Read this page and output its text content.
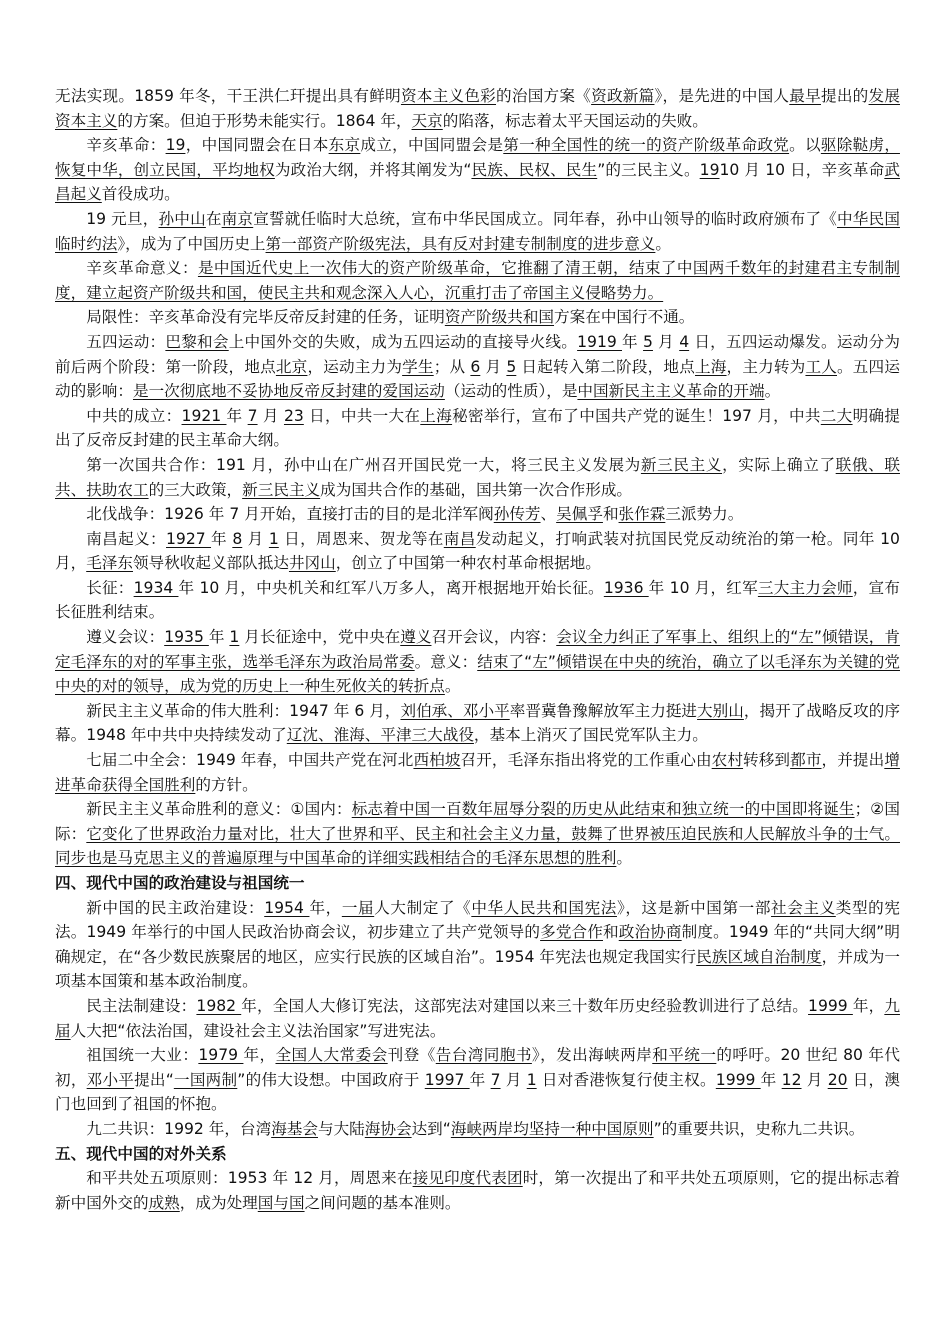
无法实现。1859 年冬，干王洪仁玕提出具有鲜明资本主义色彩的治国方案《资政新篇》，是先进的中国人最早提出的发展资本主义的方案。但迫于形势未能实行。1864 年，天京的陷落，标志着太平天国运动的失败。

辛亥革命：19，中国同盟会在日本东京成立，中国同盟会是第一种全国性的统一的资产阶级革命政党。以驱除鞑虏，恢复中华，创立民国，平均地权为政治大纲，并将其阐发为“民族、民权、民生”的三民主义。1910 月 10 日，辛亥革命武昌起义首役成功。

19 元旦，孙中山在南京宣誓就任临时大总统，宣布中华民国成立。同年春，孙中山领导的临时政府颁布了《中华民国临时约法》，成为了中国历史上第一部资产阶级宪法，具有反对封建专制制度的进步意义。

辛亥革命意义：是中国近代史上一次伟大的资产阶级革命，它推翻了清王朝，结束了中国两千数年的封建君主专制制度，建立起资产阶级共和国，使民主共和观念深入人心，沉重打击了帝国主义侵略势力。

局限性：辛亥革命没有完毕反帝反封建的任务，证明资产阶级共和国方案在中国行不通。

五四运动：巴黎和会上中国外交的失败，成为五四运动的直接导火线。1919 年 5 月 4 日，五四运动爆发。运动分为前后两个阶段：第一阶段，地点北京，运动主力为学生；从 6 月 5 日起转入第二阶段，地点上海，主力转为工人。五四运动的影响：是一次彻底地不妥协地反帝反封建的爱国运动（运动的性质），是中国新民主主义革命的开端。

中共的成立：1921 年 7 月 23 日，中共一大在上海秘密举行，宣布了中国共产党的诞生！197 月，中共二大明确提出了反帝反封建的民主革命大纲。

第一次国共合作：191 月，孙中山在广州召开国民党一大，将三民主义发展为新三民主义，实际上确立了联俄、联共、扶助农工的三大政策，新三民主义成为国共合作的基础，国共第一次合作形成。

北伐战争：1926 年 7 月开始，直接打击的目的是北洋军阀孙传芳、吴佩孚和张作霖三派势力。

南昌起义：1927 年 8 月 1 日，周恩来、贺龙等在南昌发动起义，打响武装对抗国民党反动统治的第一枪。同年 10 月，毛泽东领导秋收起义部队抵达井冈山，创立了中国第一种农村革命根据地。

长征：1934 年 10 月，中央机关和红军八万多人，离开根据地开始长征。1936 年 10 月，红军三大主力会师，宣布长征胜利结束。

遵义会议：1935 年 1 月长征途中，党中央在遵义召开会议，内容：会议全力纠正了军事上、组织上的“左”倾错误，肯定毛泽东的对的军事主张，选举毛泽东为政治局常委。意义：结束了“左”倾错误在中央的统治，确立了以毛泽东为关键的党中央的对的领导，成为党的历史上一种生死攸关的转折点。

新民主主义革命的伟大胜利：1947 年 6 月，刘伯承、邓小平率晋冀鲁豫解放军主力挺进大别山，揭开了战略反攻的序幕。1948 年中共中央持续发动了辽沈、淮海、平津三大战役，基本上消灭了国民党军队主力。

七届二中全会：1949 年春，中国共产党在河北西柏坡召开，毛泽东指出将党的工作重心由农村转移到都市，并提出增进革命获得全国胜利的方针。

新民主主义革命胜利的意义：①国内：标志着中国一百数年屈辱分裂的历史从此结束和独立统一的中国即将诞生；②国际：它变化了世界政治力量对比，壮大了世界和平、民主和社会主义力量，鼓舞了世界被压迫民族和人民解放斗争的士气。同步也是马克思主义的普遍原理与中国革命的详细实践相结合的毛泽东思想的胜利。

四、现代中国的政治建设与祖国统一

新中国的民主政治建设：1954 年，一届人大制定了《中华人民共和国宪法》，这是新中国第一部社会主义类型的宪法。1949 年举行的中国人民政治协商会议，初步建立了共产党领导的多党合作和政治协商制度。1949 年的“共同大纲”明确规定，在“各少数民族聚居的地区，应实行民族的区域自治”。1954 年宪法也规定我国实行民族区域自治制度，并成为一项基本国策和基本政治制度。

民主法制建设：1982 年，全国人大修订宪法，这部宪法对建国以来三十数年历史经验教训进行了总结。1999 年，九届人大把“依法治国，建设社会主义法治国家”写进宪法。

祖国统一大业：1979 年，全国人大常委会刊登《告台湾同胞书》，发出海峡两岸和平统一的呼吁。20 世纪 80 年代初，邓小平提出“一国两制”的伟大设想。中国政府于 1997 年 7 月 1 日对香港恢复行使主权。1999 年 12 月 20 日，澳门也回到了祖国的怀抱。

九二共识：1992 年，台湾海基会与大陆海协会达到“海峡两岸均坚持一种中国原则”的重要共识，史称九二共识。

五、现代中国的对外关系

和平共处五项原则：1953 年 12 月，周恩来在接见印度代表团时，第一次提出了和平共处五项原则，它的提出标志着新中国外交的成熟，成为处理国与国之间问题的基本准则。
